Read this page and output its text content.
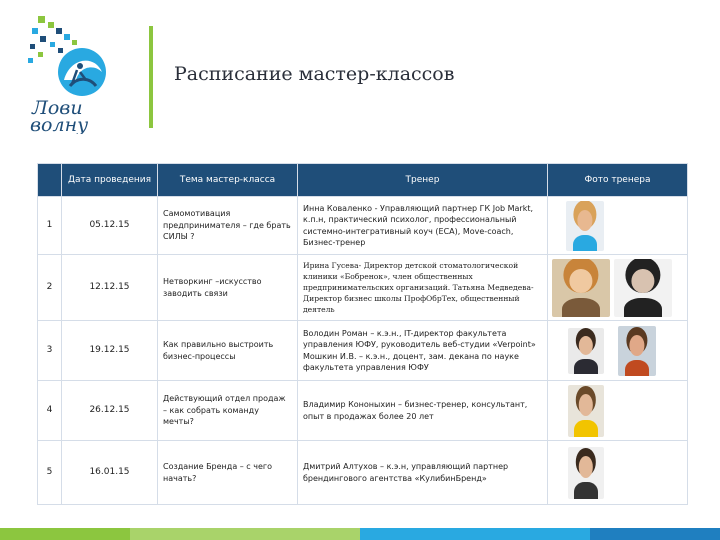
Лови
волну
Расписание мастер-классов
	Дата проведения	Тема мастер-класса	Тренер	Фото тренера
1	05.12.15	Самомотивация предпринимателя – где брать СИЛЫ ?	Инна Коваленко - Управляющий партнер ГК Job Markt, к.п.н, практический психолог, профессиональный системно-интегративный коуч (ECA), Move-coach, Бизнес-тренер	

2	12.12.15	Нетворкинг –искусство заводить связи	Ирина Гусева- Директор детской стоматологической клиники «Бобренок», член общественных предпринимательских организаций. Татьяна Медведева- Директор бизнес школы ПрофОбрТех, общественный деятель	

3	19.12.15	Как правильно выстроить бизнес-процессы	Володин Роман – к.э.н., IT-директор факультета управления ЮФУ, руководитель веб-студии «Verpoint» Мошкин И.В. – к.э.н., доцент, зам. декана по науке факультета управления ЮФУ	

4	26.12.15	Действующий отдел продаж – как собрать команду мечты?	Владимир Кононыхин – бизнес-тренер, консультант, опыт в продажах более 20 лет	

5	16.01.15	Создание Бренда – с чего начать?	Дмитрий Алтухов – к.э.н, управляющий партнер брендингового агентства «КулибинБренд»	
